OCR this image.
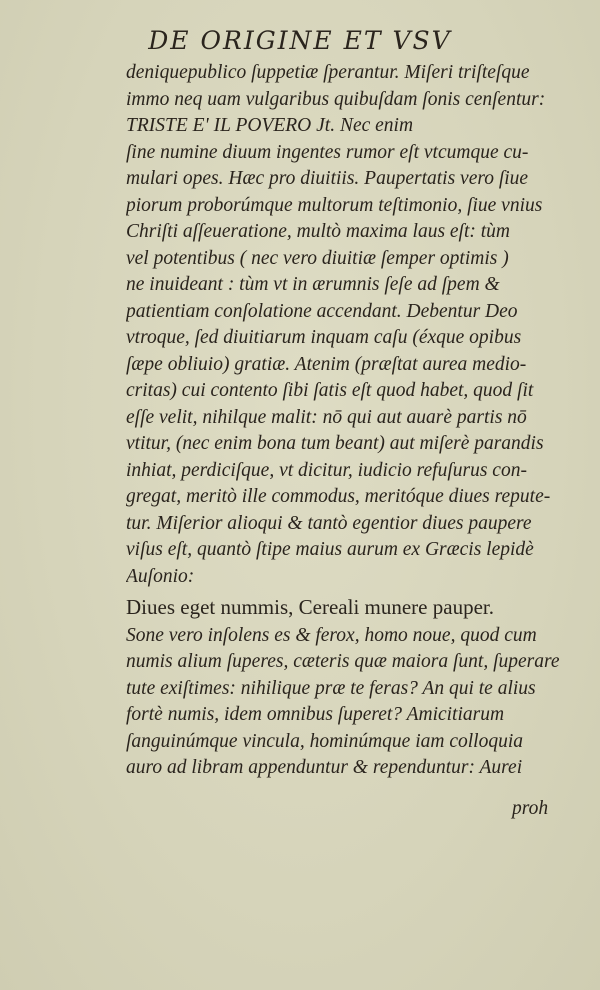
DE ORIGINE ET VSV
deniquepublico ſuppetiæ ſperantur. Miſeri triſteſque
immo neq uam vulgaribus quibuſdam ſonis cenſentur:
TRISTE E' IL POVERO Jt. Nec enim
ſine numine diuum ingentes rumor eſt vtcumque cu-
mulari opes. Hæc pro diuitiis. Paupertatis vero ſiue
piorum proborúmque multorum teſtimonio, ſiue vnius
Chriſti aſſeueratione, multò maxima laus eſt: tùm
vel potentibus ( nec vero diuitiæ ſemper optimis )
ne inuideant : tùm vt in ærumnis ſeſe ad ſpem &
patientiam conſolatione accendant. Debentur Deo
vtroque, ſed diuitiarum inquam caſu (éxque opibus
ſæpe obliuio) gratiæ. Atenim (præſtat aurea medio-
critas) cui contento ſibi ſatis eſt quod habet, quod ſit
eſſe velit, nihilque malit: nō qui aut auarè partis nō
vtitur, (nec enim bona tum beant) aut miſerè parandis
inhiat, perdiciſque, vt dicitur, iudicio refuſurus con-
gregat, meritò ille commodus, meritóque diues repute-
tur. Miſerior alioqui & tantò egentior diues paupere
viſus eſt, quantò ſtipe maius aurum ex Græcis lepidè
Auſonio:
Diues eget nummis, Cereali munere pauper.
Sone vero inſolens es & ferox, homo noue, quod cum
numis alium ſuperes, cæteris quæ maiora ſunt, ſuperare
tute exiſtimes: nihilique præ te feras? An qui te alius
fortè numis, idem omnibus ſuperet? Amicitiarum
ſanguinúmque vincula, hominúmque iam colloquia
auro ad libram appenduntur & rependuntur: Aurei
proh
